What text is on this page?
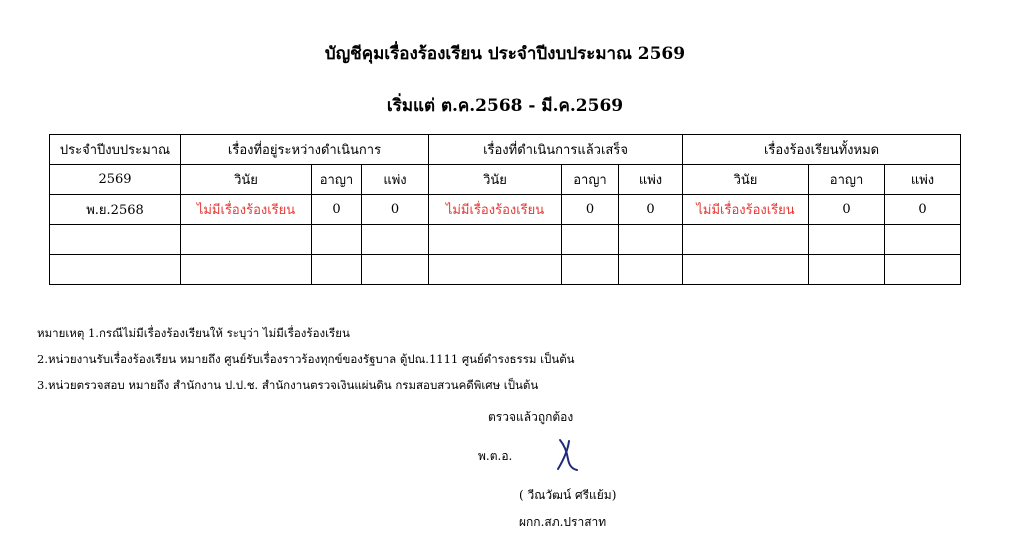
บัญชีคุมเรื่องร้องเรียน ประจำปีงบประมาณ 2569
เริ่มแต่ ต.ค.2568 - มี.ค.2569
ประจำปีงบประมาณ	เรื่องที่อยู่ระหว่างดำเนินการ			เรื่องที่ดำเนินการแล้วเสร็จ			เรื่องร้องเรียนทั้งหมด		
2569	วินัย	อาญา	แพ่ง	วินัย	อาญา	แพ่ง	วินัย	อาญา	แพ่ง
พ.ย.2568	ไม่มีเรื่องร้องเรียน	0	0	ไม่มีเรื่องร้องเรียน	0	0	ไม่มีเรื่องร้องเรียน	0	0

หมายเหตุ 1.กรณีไม่มีเรื่องร้องเรียนให้ ระบุว่า ไม่มีเรื่องร้องเรียน
2.หน่วยงานรับเรื่องร้องเรียน หมายถึง ศูนย์รับเรื่องราวร้องทุกข์ของรัฐบาล ตู้ปณ.1111 ศูนย์ดำรงธรรม เป็นต้น
3.หน่วยตรวจสอบ หมายถึง สำนักงาน ป.ป.ช. สำนักงานตรวจเงินแผ่นดิน กรมสอบสวนคดีพิเศษ เป็นต้น
ตรวจแล้วถูกต้อง
พ.ต.อ.
( วีณวัฒน์ ศรีแย้ม)
ผกก.สภ.ปราสาท
